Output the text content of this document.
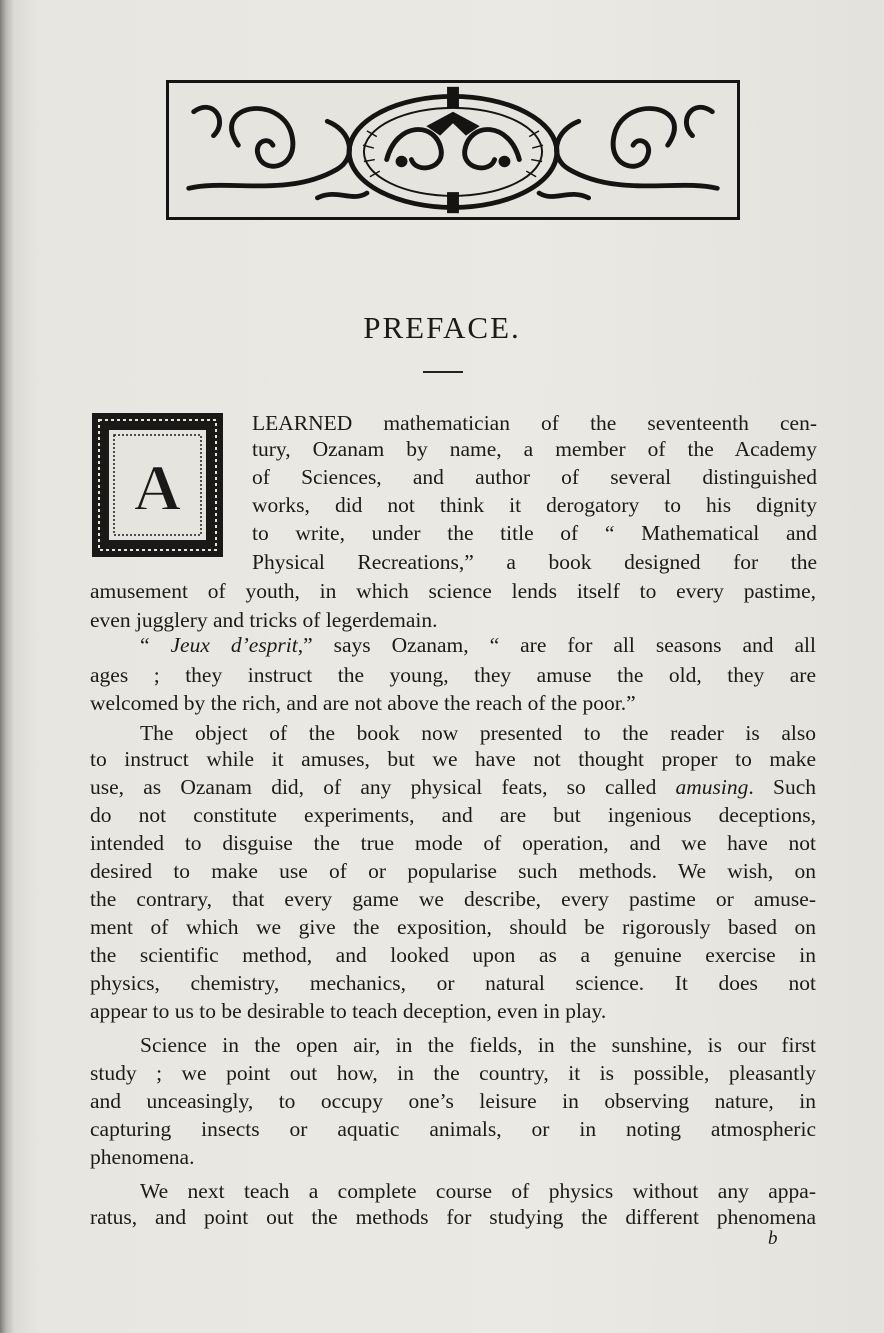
PREFACE.
A
LEARNED mathematician of the seventeenth cen-
tury, Ozanam by name, a member of the Academy
of Sciences, and author of several distinguished
works, did not think it derogatory to his dignity
to write, under the title of “ Mathematical and
Physical Recreations,” a book designed for the
amusement of youth, in which science lends itself to every pastime,
even jugglery and tricks of legerdemain.
“ Jeux d’esprit,” says Ozanam, “ are for all seasons and all
ages ; they instruct the young, they amuse the old, they are
welcomed by the rich, and are not above the reach of the poor.”
The object of the book now presented to the reader is also
to instruct while it amuses, but we have not thought proper to make
use, as Ozanam did, of any physical feats, so called amusing. Such
do not constitute experiments, and are but ingenious deceptions,
intended to disguise the true mode of operation, and we have not
desired to make use of or popularise such methods. We wish, on
the contrary, that every game we describe, every pastime or amuse-
ment of which we give the exposition, should be rigorously based on
the scientific method, and looked upon as a genuine exercise in
physics, chemistry, mechanics, or natural science. It does not
appear to us to be desirable to teach deception, even in play.
Science in the open air, in the fields, in the sunshine, is our first
study ; we point out how, in the country, it is possible, pleasantly
and unceasingly, to occupy one’s leisure in observing nature, in
capturing insects or aquatic animals, or in noting atmospheric
phenomena.
We next teach a complete course of physics without any appa-
ratus, and point out the methods for studying the different phenomena
b
